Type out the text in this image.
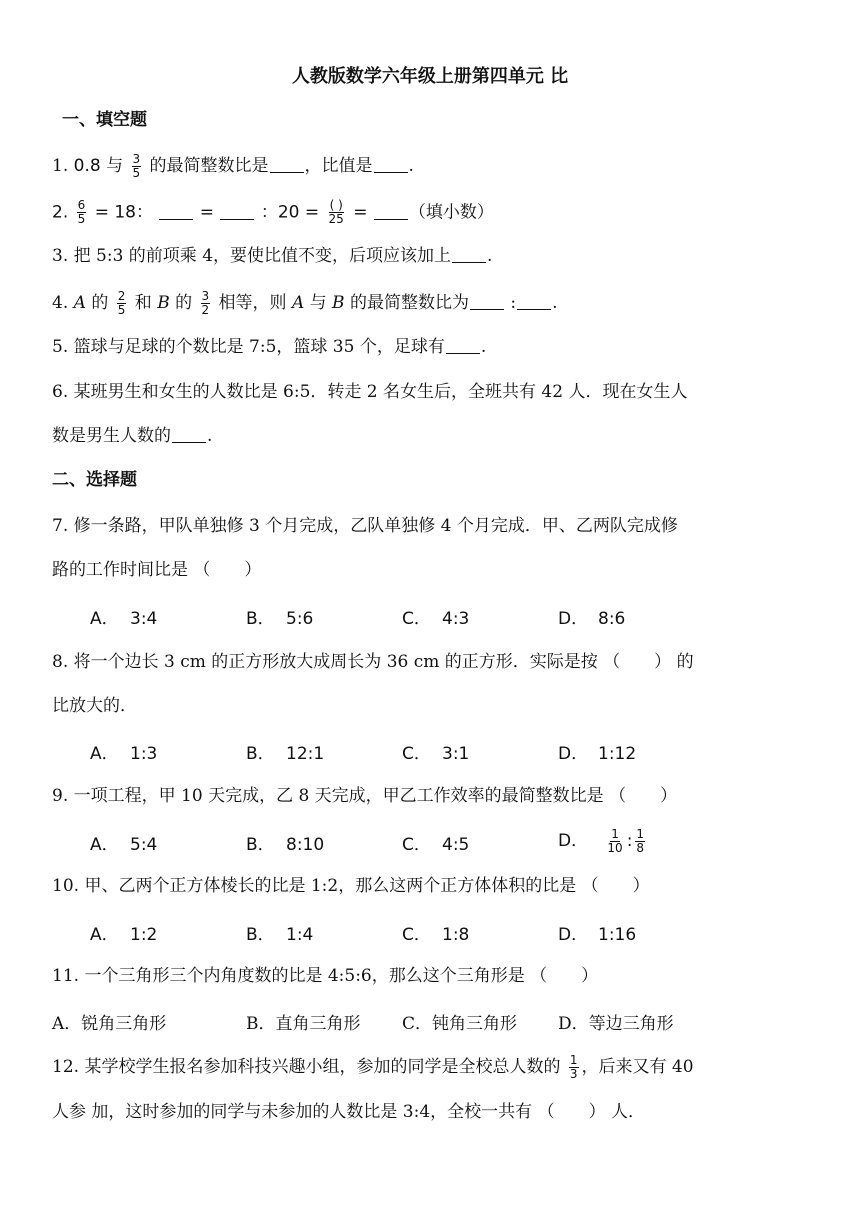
人教版数学六年级上册第四单元 比
一、填空题
1. 0.8 与 $\frac{3}{5}$ 的最简整数比是 ，比值是 .
2. $\frac{6}{5} = 18$：	=	：$20 = \frac{( )}{25}$ = （填小数）
3. 把 5:3 的前项乘 4，要使比值不变，后项应该加上 .
4. A 的 $\frac{2}{5}$ 和 B 的 $\frac{3}{2}$ 相等，则 A 与 B 的最简整数比为 : .
5. 篮球与足球的个数比是 7:5，篮球 35 个，足球有 .
6. 某班男生和女生的人数比是 6:5．转走 2 名女生后，全班共有 42 人．现在女生人
数是男生人数的 .
二、选择题
7. 修一条路，甲队单独修 3 个月完成，乙队单独修 4 个月完成．甲、乙两队完成修
路的工作时间比是 （　　）
A． 3:4	B． 5:6	C． 4:3	D． 8:6
8. 将一个边长 3 cm 的正方形放大成周长为 36 cm 的正方形．实际是按 （　　） 的
比放大的．
A． 1:3	B． 12:1	C． 3:1	D． 1:12
9. 一项工程，甲 10 天完成，乙 8 天完成，甲乙工作效率的最简整数比是 （　　）
A． 5:4	B． 8:10	C． 4:5	D． $\frac{1}{10}$ : $\frac{1}{8}$
10. 甲、乙两个正方体棱长的比是 1:2，那么这两个正方体体积的比是 （　　）
A． 1:2	B． 1:4	C． 1:8	D． 1:16
11. 一个三角形三个内角度数的比是 4:5:6，那么这个三角形是 （　　）
A．锐角三角形	B．直角三角形 C．钝角三角形 D．等边三角形
12. 某学校学生报名参加科技兴趣小组，参加的同学是全校总人数的 $\frac{1}{3}$ ，后来又有 40
人参 加，这时参加的同学与未参加的人数比是 3:4，全校一共有 （　　） 人．
